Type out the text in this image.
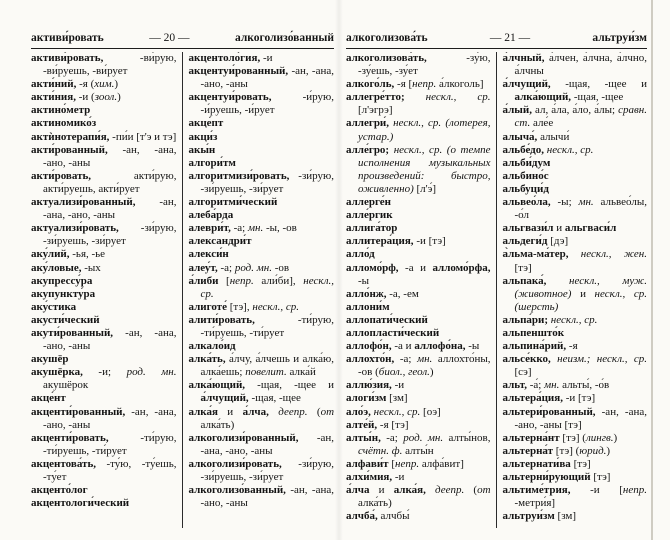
активи́ровать	— 20 —	алкоголизо́ванный
активи́ровать, -ви́рую, -ви́руешь, -ви́рует
акти́ний, -я (хим.)
акти́ния, -и (зоол.)
актино́метр
актиномико́з
актѝнотерапи́я, -пи́и [т'э и тэ]
акти́рованный, -ан, -ана, -ано, -аны
акти́ровать, акти́рую, акти́руешь, акти́рует
актуализи́рованный, -ан, -ана, -ано, -аны
актуализи́ровать, -зи́рую, -зи́руешь, -зи́рует
аку́лий, -ья, -ье
аку́ловые, -ых
акупрессу́ра
акупункту́ра
аку́стика
акусти́ческий
акути́рованный, -ан, -ана, -ано, -аны
акушёр
акушёрка, -и; род. мн. акушёрок
акце́нт
акценти́рованный, -ан, -ана, -ано, -аны
акценти́ровать, -ти́рую, -ти́руешь, -ти́рует
акцентова́ть, -ту́ю, -ту́ешь, -ту́ет
акценто́лог
акцентологи́ческий
акцентоло́гия, -и
акцентуи́рованный, -ан, -ана, -ано, -аны
акцентуи́ровать, -и́рую, -и́руешь, -и́рует
акце́пт
акци́з
акы́н
алгори́тм
алгоритмизи́ровать, -зи́рую, -зи́руешь, -зи́рует
алгоритми́ческий
алеба́рда
алеври́т, -а; мн. -ы, -ов
александри́т
алекси́н
алеу́т, -а; род. мн. -ов
а́либи [непр. али́би], нескл., ср.
алиготе́ [тэ], нескл., ср.
алити́ровать, -ти́рую, -ти́руешь, -ти́рует
алкало́ид
алка́ть, а́лчу, а́лчешь и алка́ю, алка́ешь; повелит. алка́й
алка́ющий, -щая, -щее и а́лчущий, -щая, -щее
алка́я и а́лча, деепр. (от алка́ть)
алкоголизи́рованный, -ан, -ана, -ано, -аны
алкоголизи́ровать, -зи́рую, -зи́руешь, -зи́рует
алкоголизо́ванный, -ан, -ана, -ано, -аны
алкоголизова́ть	— 21 —	альтруи́зм
алкоголизова́ть, -зу́ю, -зу́ешь, -зу́ет
алкого́ль, -я [непр. а́лкоголь]
аллегре́тто; нескл., ср. [л'эгрэ]
аллегри́, нескл., ср. (лотерея, устар.)
алле́гро; нескл., ср. (о темпе исполнения музыкальных произведений: быстро, оживленно) [л'э́]
аллерге́н
алле́ргик
аллига́тор
аллитера́ция, -и [тэ]
алло́д
алломо́рф, -а и алломо́рфа, -ы
алло́нж, -а, -ем
аллони́м
аллопати́ческий
аллопласти́ческий
аллофо́н, -а и аллофо́на, -ы
аллохто́н, -а; мн. аллохто́ны, -ов (биол., геол.)
аллю́зия, -и
алоги́зм [зм]
ало́э, нескл., ср. [оэ]
алте́й, -я [тэ]
алты́н, -а; род. мн. алты́нов, счётн. ф. алты́н
алфави́т [непр. алфа́вит]
алхи́мия, -и
а́лча и алка́я, деепр. (от алка́ть)
алчба́, алчбы́
а́лчный, а́лчен, а́лчна, а́лчно, а́лчны
а́лчущий, -щая, -щее и алка́ющий, -щая, -щее
а́лый, ал, а́ла, а́ло, а́лы; сравн. ст. але́е
алыча́, алычи́
альбе́до, нескл., ср.
альби́дум
альбино́с
альбуци́д
альвео́ла, -ы; мн. альвео́лы, -о́л
альгвази́л и альгваси́л
альдеги́д [дэ]
а̀льма-ма́тер, нескл., жен. [тэ]
альпака́, нескл., муж. (животное) и нескл., ср. (шерсть)
альпа́ри; нескл., ср.
альпеншто́к
альпина́рий, -я
альсе́кко, неизм.; нескл., ср. [сэ]
альт, -а́; мн. альты́, -о́в
альтера́ция, -и [тэ]
альтери́рованный, -ан, -ана, -ано, -аны [тэ]
альтерна́нт [тэ] (лингв.)
альтерна́т [тэ] (юрид.)
альтернати́ва [тэ]
альтерни́рующий [тэ]
альтиме́трия, -и [непр. -метри́я]
альтруи́зм [зм]
